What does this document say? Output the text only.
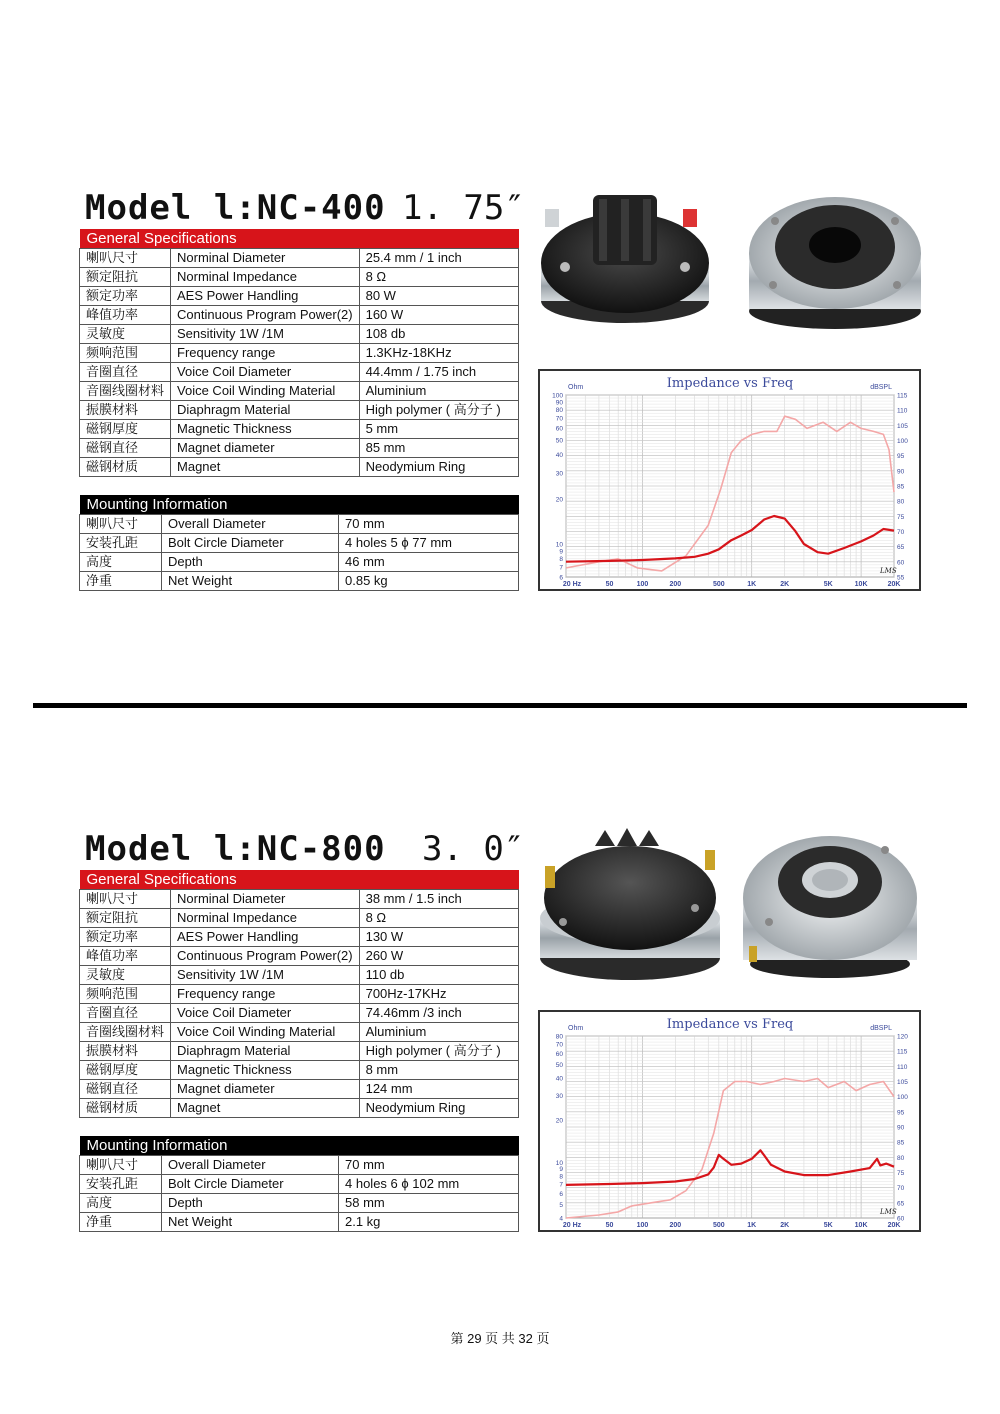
Model l:NC-400 1. 75″
General Specifications		
喇叭尺寸	Norminal Diameter	25.4 mm / 1 inch
额定阻抗	Norminal Impedance	8 Ω
额定功率	AES Power Handling	80 W
峰值功率	Continuous Program Power(2)	160 W
灵敏度	Sensitivity 1W /1M	108 db
频响范围	Frequency range	1.3KHz-18KHz
音圈直径	Voice Coil Diameter	44.4mm / 1.75 inch
音圈线圈材料	Voice Coil Winding Material	Aluminium
振膜材料	Diaphragm Material	High polymer ( 高分子 )
磁钢厚度	Magnetic Thickness	5 mm
磁钢直径	Magnet diameter	85 mm
磁钢材质	Magnet	Neodymium Ring
Mounting Information		
喇叭尺寸	Overall Diameter	70 mm
安装孔距	Bolt Circle Diameter	4 holes 5 ϕ 77 mm
高度	Depth	46 mm
净重	Net Weight	0.85 kg
Impedance vs Freq
Ohm	dBSPL
20 Hz	50	100	200	500	1K	2K	5K	10K	20K
100
90
80
70
60
50
40
30
20
10
9
8
7
6
115
110
105
100
95
90
85
80
75
70
65
60
55
LMS
Model l:NC-800 3. 0″
General Specifications		
喇叭尺寸	Norminal Diameter	38 mm / 1.5 inch
额定阻抗	Norminal Impedance	8 Ω
额定功率	AES Power Handling	130 W
峰值功率	Continuous Program Power(2)	260 W
灵敏度	Sensitivity 1W /1M	110 db
频响范围	Frequency range	700Hz-17KHz
音圈直径	Voice Coil Diameter	74.46mm /3 inch
音圈线圈材料	Voice Coil Winding Material	Aluminium
振膜材料	Diaphragm Material	High polymer ( 高分子 )
磁钢厚度	Magnetic Thickness	8 mm
磁钢直径	Magnet diameter	124 mm
磁钢材质	Magnet	Neodymium Ring
Mounting Information		
喇叭尺寸	Overall Diameter	70 mm
安装孔距	Bolt Circle Diameter	4 holes 6 ϕ 102 mm
高度	Depth	58 mm
净重	Net Weight	2.1 kg
Impedance vs Freq
Ohm	dBSPL
20 Hz	50	100	200	500	1K	2K	5K	10K	20K
80
70
60
50
40
30
20
10
9
8
7
6
5
4
120
115
110
105
100
95
90
85
80
75
70
65
60
LMS
第 29 页 共 32 页
